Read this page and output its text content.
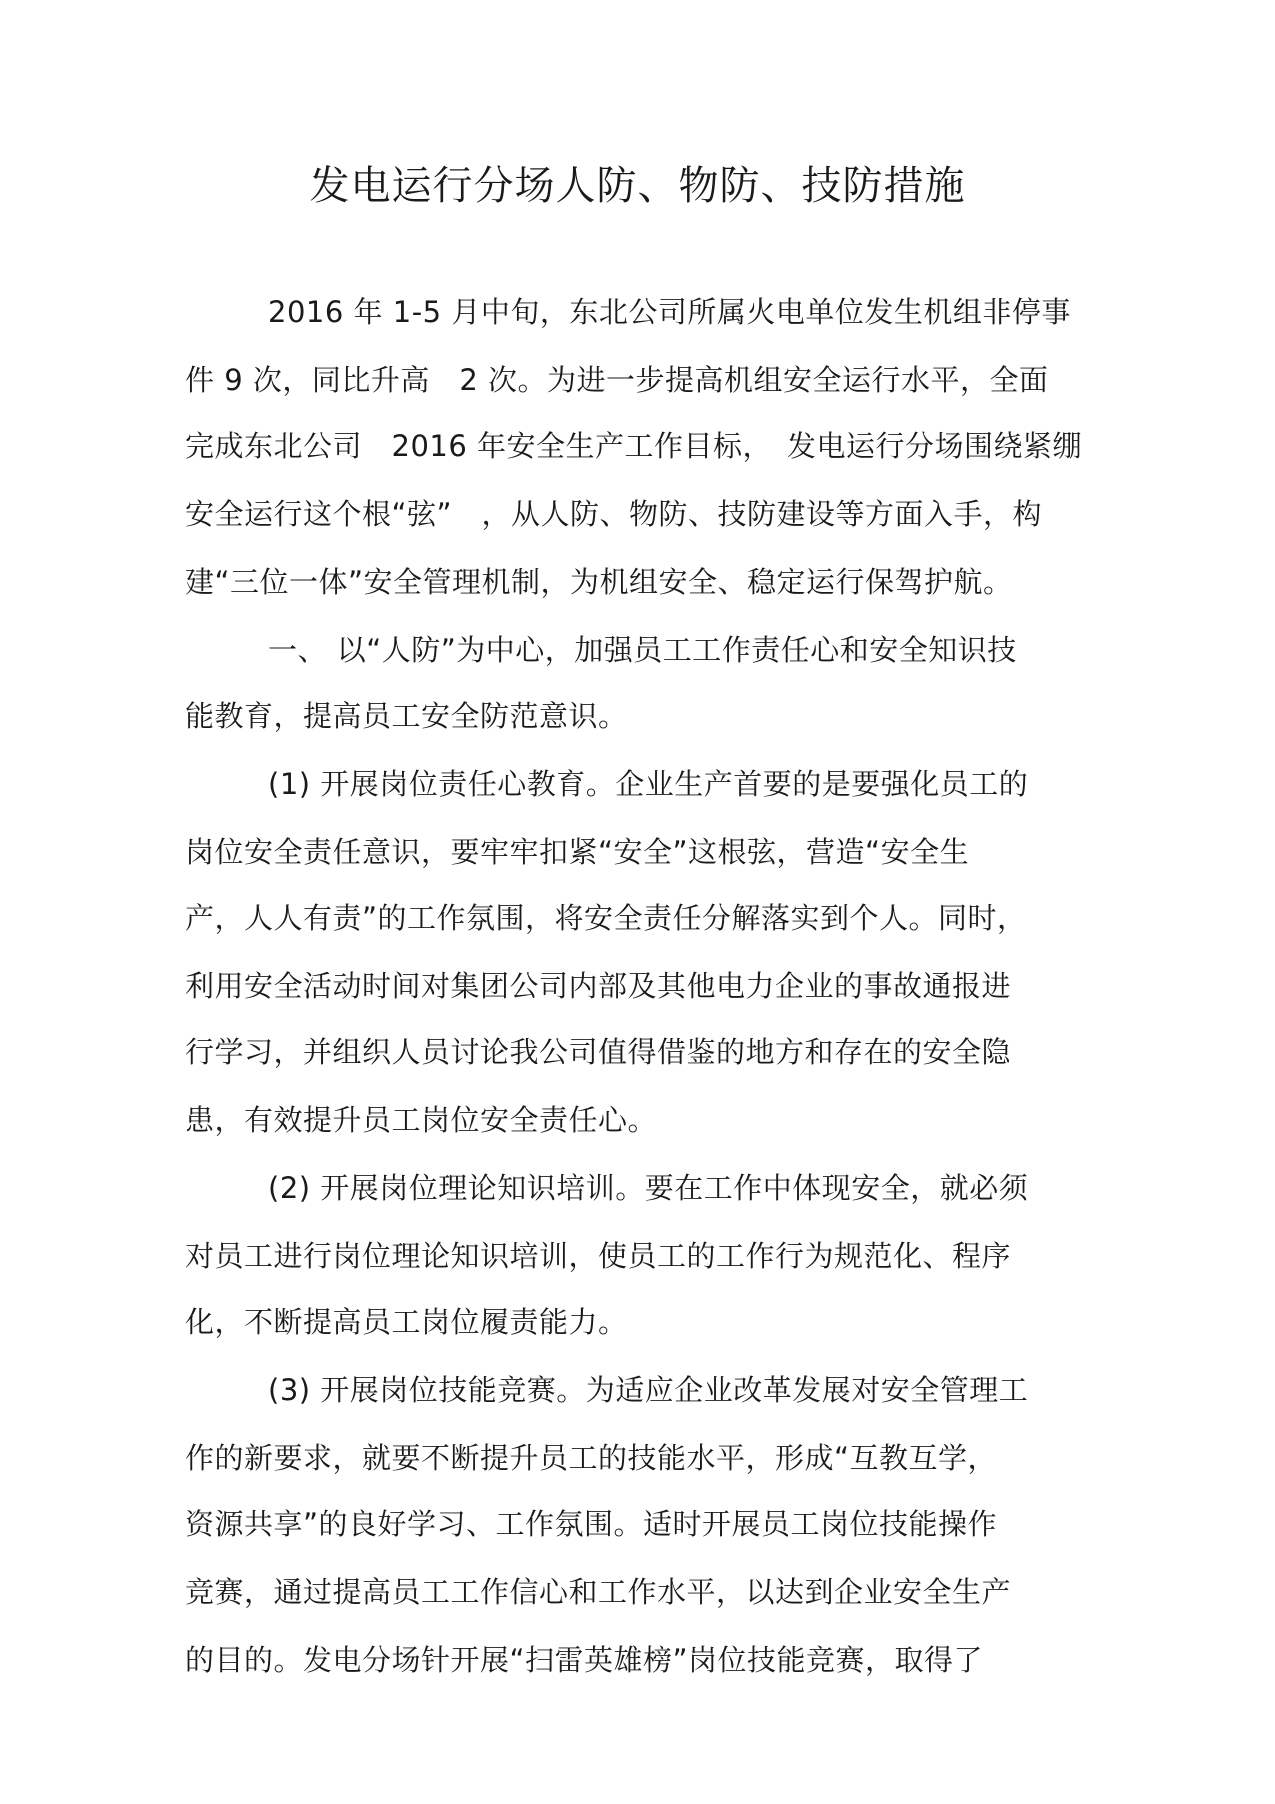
发电运行分场人防、物防、技防措施
2016 年 1-5 月中旬，东北公司所属火电单位发生机组非停事
件 9 次，同比升高　2 次。为进一步提高机组安全运行水平，全面
完成东北公司　2016 年安全生产工作目标，　发电运行分场围绕紧绷
安全运行这个根“弦”　，从人防、物防、技防建设等方面入手，构
建“三位一体”安全管理机制，为机组安全、稳定运行保驾护航。
一、 以“人防”为中心，加强员工工作责任心和安全知识技
能教育，提高员工安全防范意识。
(1) 开展岗位责任心教育。企业生产首要的是要强化员工的
岗位安全责任意识，要牢牢扣紧“安全”这根弦，营造“安全生
产，人人有责”的工作氛围，将安全责任分解落实到个人。同时，
利用安全活动时间对集团公司内部及其他电力企业的事故通报进
行学习，并组织人员讨论我公司值得借鉴的地方和存在的安全隐
患，有效提升员工岗位安全责任心。
(2) 开展岗位理论知识培训。要在工作中体现安全，就必须
对员工进行岗位理论知识培训，使员工的工作行为规范化、程序
化，不断提高员工岗位履责能力。
(3) 开展岗位技能竞赛。为适应企业改革发展对安全管理工
作的新要求，就要不断提升员工的技能水平，形成“互教互学，
资源共享”的良好学习、工作氛围。适时开展员工岗位技能操作
竞赛，通过提高员工工作信心和工作水平，以达到企业安全生产
的目的。发电分场针开展“扫雷英雄榜”岗位技能竞赛，取得了
